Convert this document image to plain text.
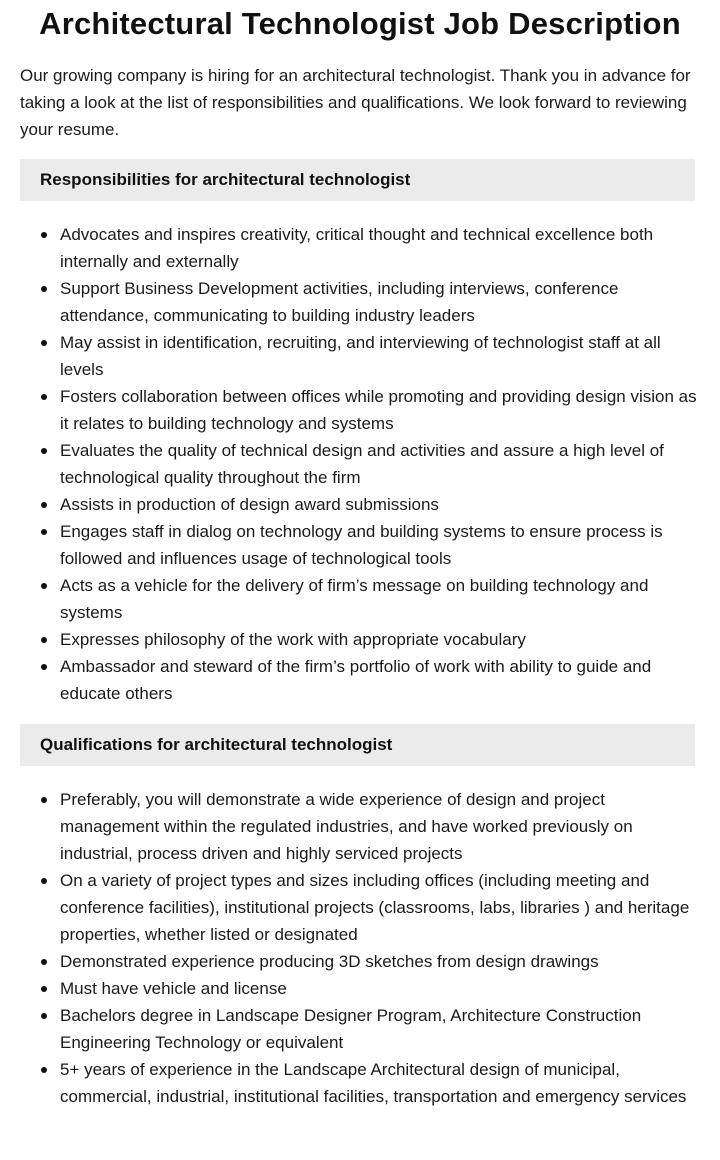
Architectural Technologist Job Description

Our growing company is hiring for an architectural technologist. Thank you in advance for taking a look at the list of responsibilities and qualifications. We look forward to reviewing your resume.

Responsibilities for architectural technologist
Advocates and inspires creativity, critical thought and technical excellence both internally and externally
Support Business Development activities, including interviews, conference attendance, communicating to building industry leaders
May assist in identification, recruiting, and interviewing of technologist staff at all levels
Fosters collaboration between offices while promoting and providing design vision as it relates to building technology and systems
Evaluates the quality of technical design and activities and assure a high level of technological quality throughout the firm
Assists in production of design award submissions
Engages staff in dialog on technology and building systems to ensure process is followed and influences usage of technological tools
Acts as a vehicle for the delivery of firm’s message on building technology and systems
Expresses philosophy of the work with appropriate vocabulary
Ambassador and steward of the firm’s portfolio of work with ability to guide and educate others
Qualifications for architectural technologist
Preferably, you will demonstrate a wide experience of design and project management within the regulated industries, and have worked previously on industrial, process driven and highly serviced projects
On a variety of project types and sizes including offices (including meeting and conference facilities), institutional projects (classrooms, labs, libraries ) and heritage properties, whether listed or designated
Demonstrated experience producing 3D sketches from design drawings
Must have vehicle and license
Bachelors degree in Landscape Designer Program, Architecture Construction Engineering Technology or equivalent
5+ years of experience in the Landscape Architectural design of municipal, commercial, industrial, institutional facilities, transportation and emergency services
